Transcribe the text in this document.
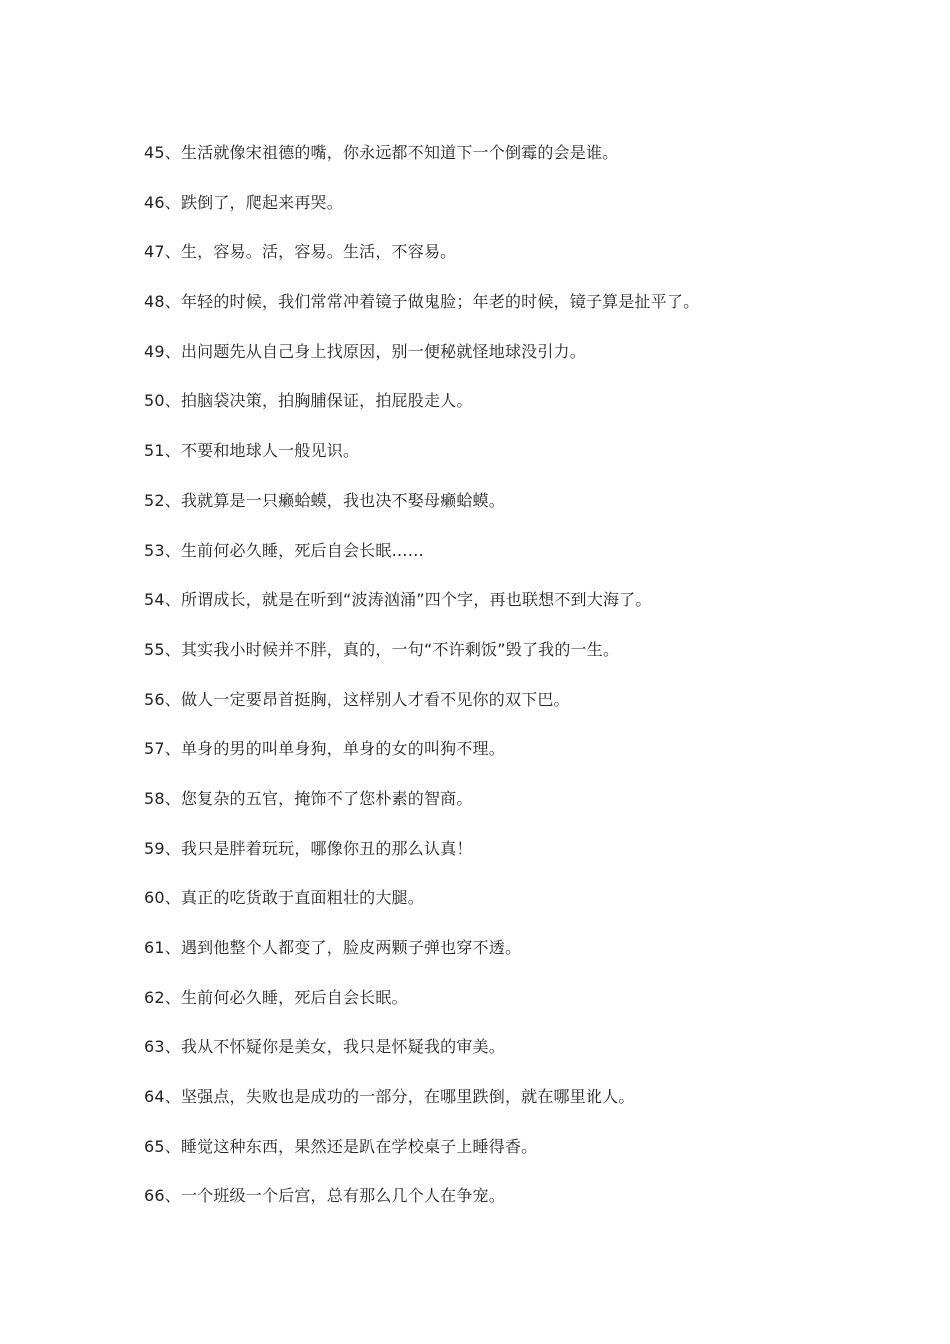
45、生活就像宋祖德的嘴，你永远都不知道下一个倒霉的会是谁。
46、跌倒了，爬起来再哭。
47、生，容易。活，容易。生活，不容易。
48、年轻的时候，我们常常冲着镜子做鬼脸；年老的时候，镜子算是扯平了。
49、出问题先从自己身上找原因，别一便秘就怪地球没引力。
50、拍脑袋决策，拍胸脯保证，拍屁股走人。
51、不要和地球人一般见识。
52、我就算是一只癞蛤蟆，我也决不娶母癞蛤蟆。
53、生前何必久睡，死后自会长眠……
54、所谓成长，就是在听到“波涛汹涌”四个字，再也联想不到大海了。
55、其实我小时候并不胖，真的，一句“不许剩饭”毁了我的一生。
56、做人一定要昂首挺胸，这样别人才看不见你的双下巴。
57、单身的男的叫单身狗，单身的女的叫狗不理。
58、您复杂的五官，掩饰不了您朴素的智商。
59、我只是胖着玩玩，哪像你丑的那么认真！
60、真正的吃货敢于直面粗壮的大腿。
61、遇到他整个人都变了，脸皮两颗子弹也穿不透。
62、生前何必久睡，死后自会长眠。
63、我从不怀疑你是美女，我只是怀疑我的审美。
64、坚强点，失败也是成功的一部分，在哪里跌倒，就在哪里讹人。
65、睡觉这种东西，果然还是趴在学校桌子上睡得香。
66、一个班级一个后宫，总有那么几个人在争宠。
